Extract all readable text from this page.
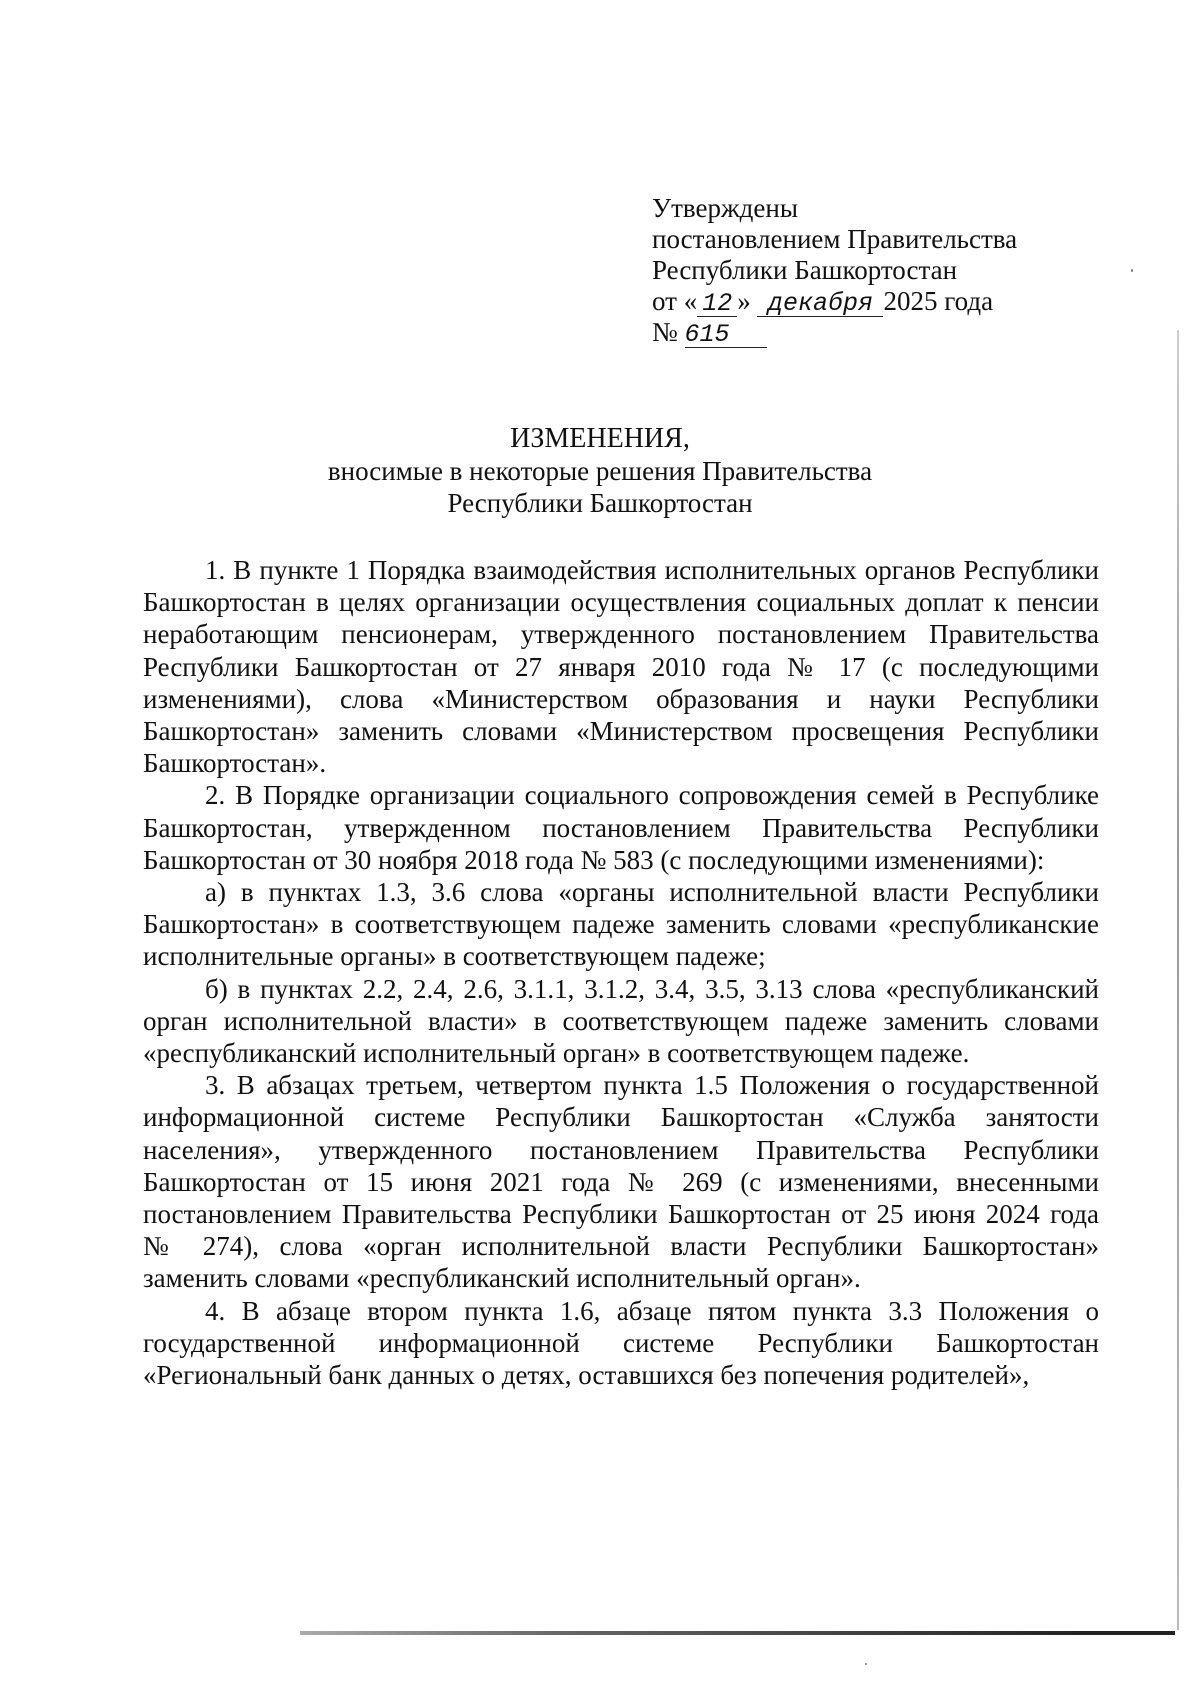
Утверждены
постановлением Правительства
Республики Башкортостан
от « 12 » декабря 2025 года
№ 615
ИЗМЕНЕНИЯ,
вносимые в некоторые решения Правительства
Республики Башкортостан

1. В пункте 1 Порядка взаимодействия исполнительных органов Республики Башкортостан в целях организации осуществления социальных доплат к пенсии неработающим пенсионерам, утвержденного постановлением Правительства Республики Башкортостан от 27 января 2010 года № 17 (с последующими изменениями), слова «Министерством образования и науки Республики Башкортостан» заменить словами «Министерством просвещения Республики Башкортостан».

2. В Порядке организации социального сопровождения семей в Республике Башкортостан, утвержденном постановлением Правительства Республики Башкортостан от 30 ноября 2018 года № 583 (с последующими изменениями):

а) в пунктах 1.3, 3.6 слова «органы исполнительной власти Республики Башкортостан» в соответствующем падеже заменить словами «республиканские исполнительные органы» в соответствующем падеже;

б) в пунктах 2.2, 2.4, 2.6, 3.1.1, 3.1.2, 3.4, 3.5, 3.13 слова «республиканский орган исполнительной власти» в соответствующем падеже заменить словами «республиканский исполнительный орган» в соответствующем падеже.

3. В абзацах третьем, четвертом пункта 1.5 Положения о государственной информационной системе Республики Башкортостан «Служба занятости населения», утвержденного постановлением Правительства Республики Башкортостан от 15 июня 2021 года № 269 (с изменениями, внесенными постановлением Правительства Республики Башкортостан от 25 июня 2024 года № 274), слова «орган исполнительной власти Республики Башкортостан» заменить словами «республиканский исполнительный орган».

4. В абзаце втором пункта 1.6, абзаце пятом пункта 3.3 Положения о государственной информационной системе Республики Башкортостан «Региональный банк данных о детях, оставшихся без попечения родителей»,
